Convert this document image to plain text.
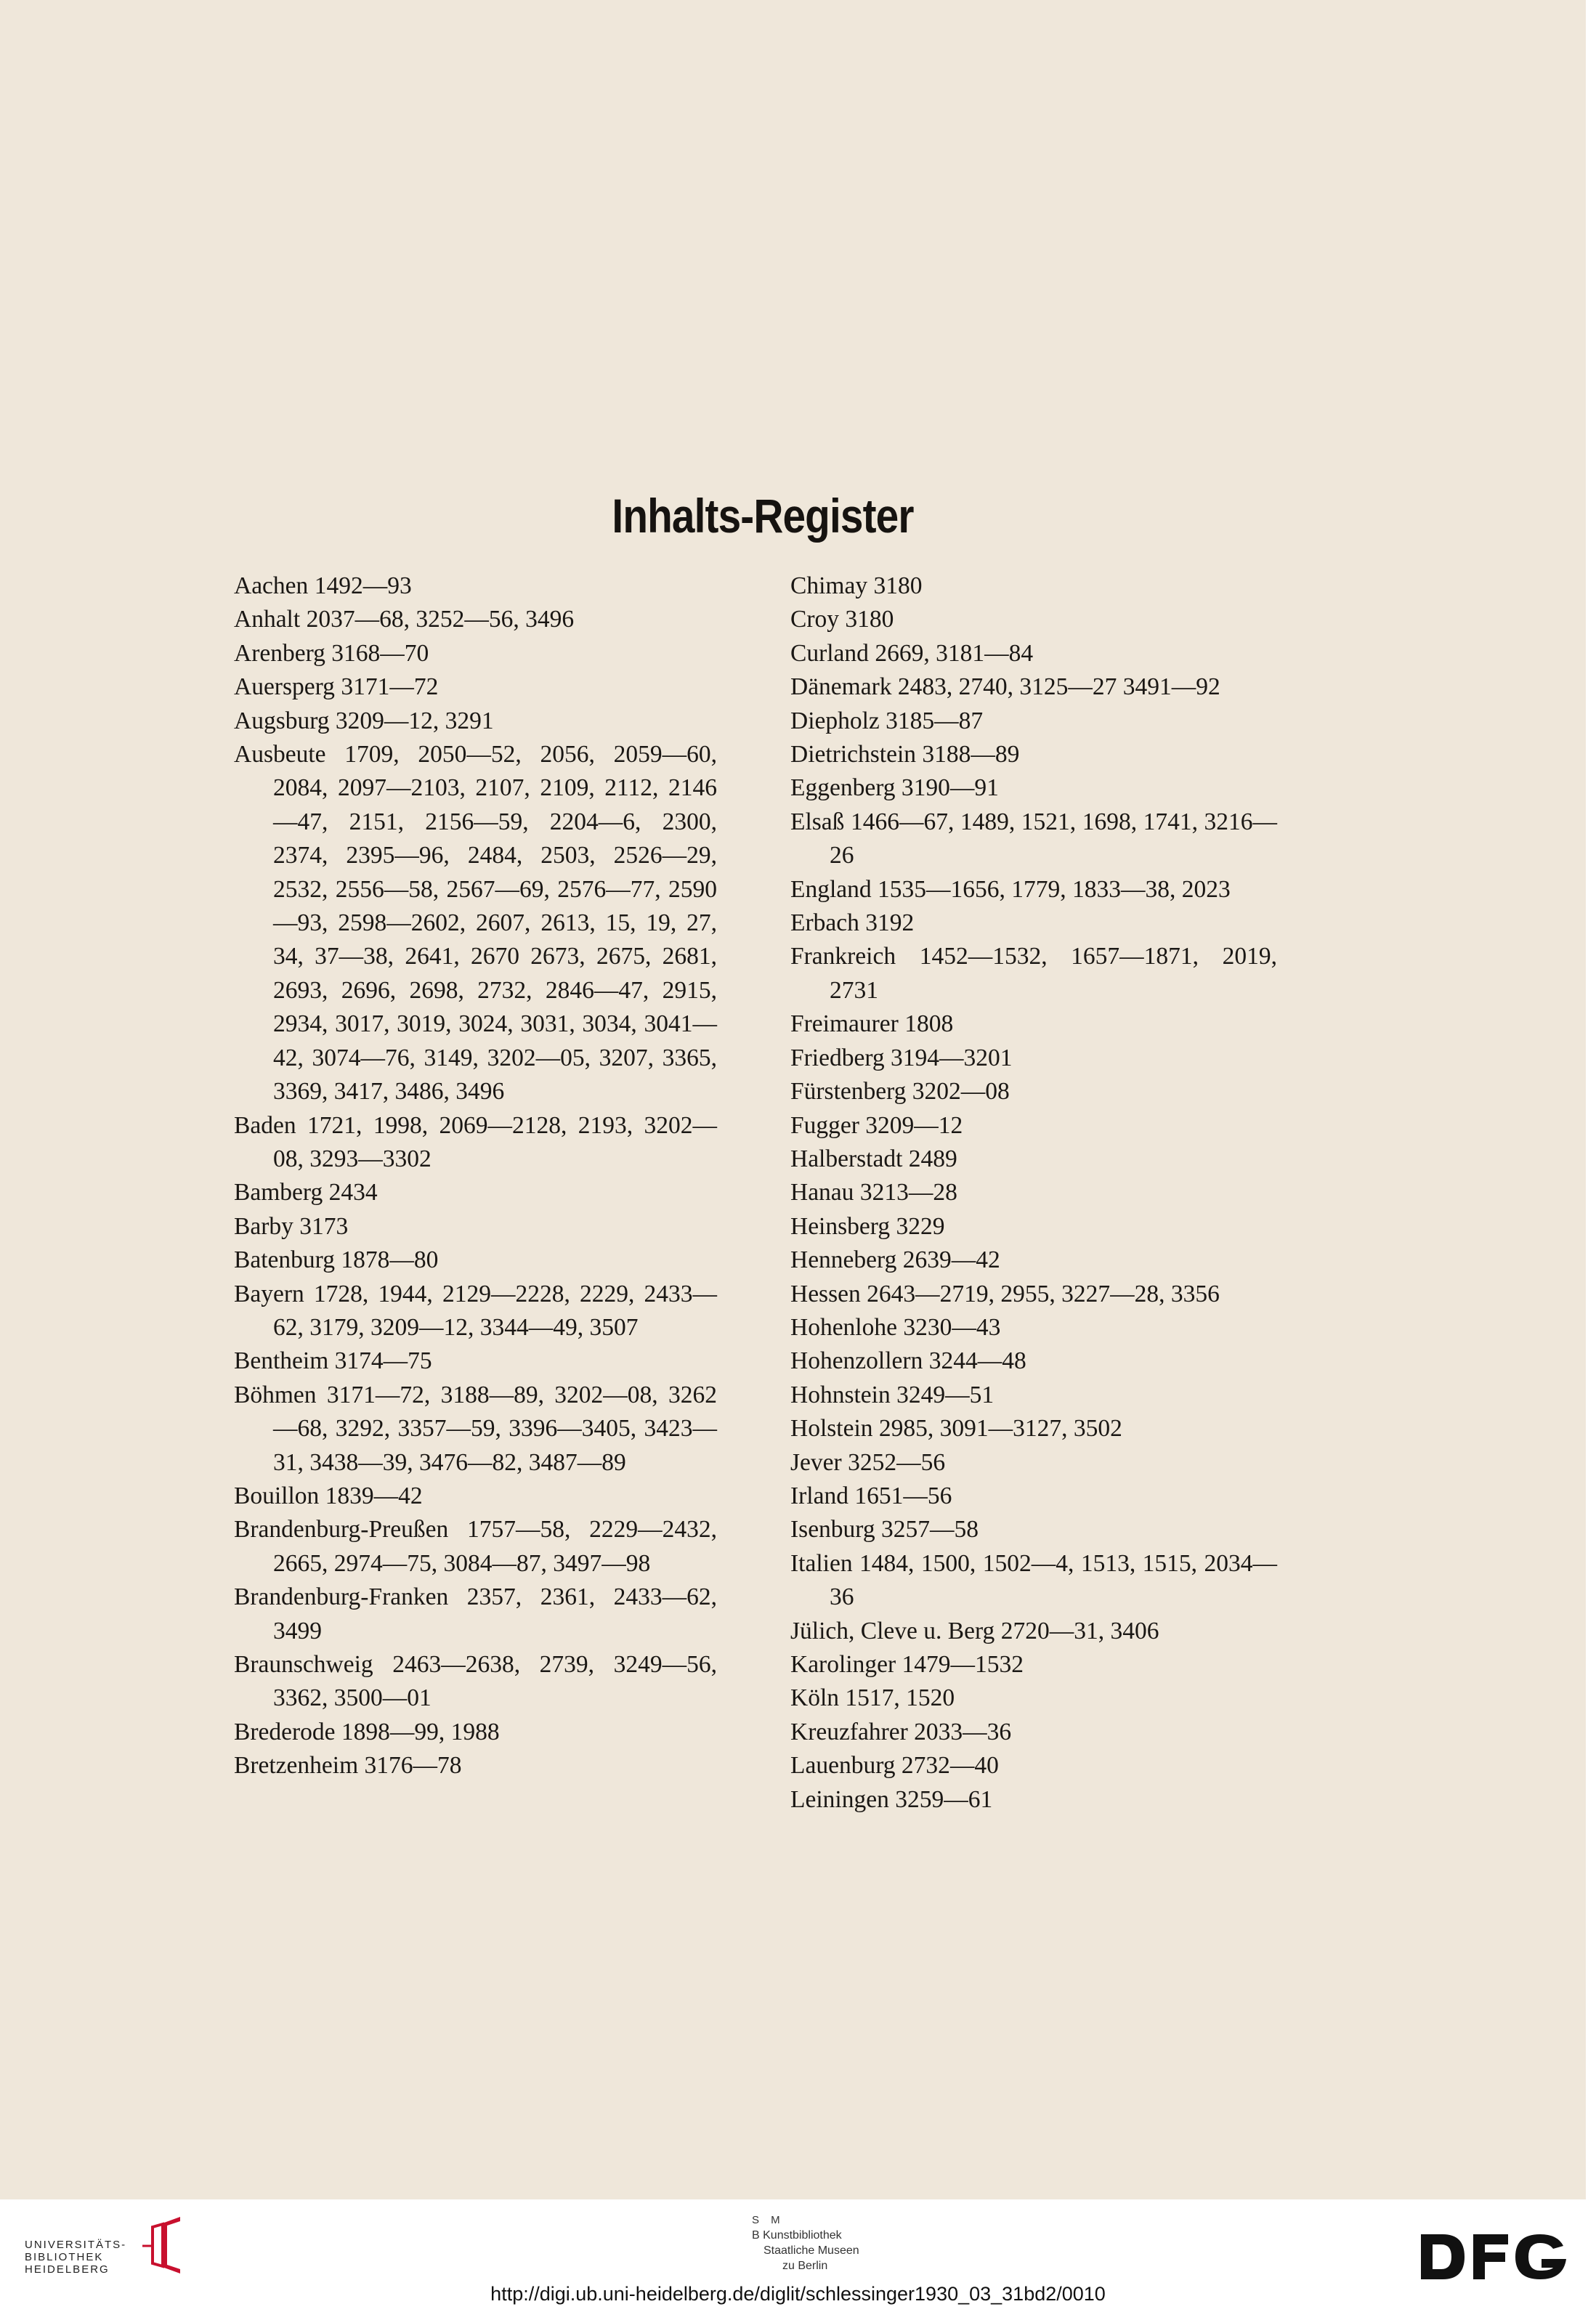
Inhalts-Register
Aachen 1492—93
Anhalt 2037—68, 3252—56, 3496
Arenberg 3168—70
Auersperg 3171—72
Augsburg 3209—12, 3291
Ausbeute 1709, 2050—52, 2056, 2059—60, 2084, 2097—2103, 2107, 2109, 2112, 2146—47, 2151, 2156—59, 2204—6, 2300, 2374, 2395—96, 2484, 2503, 2526—29, 2532, 2556—58, 2567—69, 2576—77, 2590—93, 2598—2602, 2607, 2613, 15, 19, 27, 34, 37—38, 2641, 2670 2673, 2675, 2681, 2693, 2696, 2698, 2732, 2846—47, 2915, 2934, 3017, 3019, 3024, 3031, 3034, 3041—42, 3074—76, 3149, 3202—05, 3207, 3365, 3369, 3417, 3486, 3496
Baden 1721, 1998, 2069—2128, 2193, 3202—08, 3293—3302
Bamberg 2434
Barby 3173
Batenburg 1878—80
Bayern 1728, 1944, 2129—2228, 2229, 2433—62, 3179, 3209—12, 3344—49, 3507
Bentheim 3174—75
Böhmen 3171—72, 3188—89, 3202—08, 3262—68, 3292, 3357—59, 3396—3405, 3423—31, 3438—39, 3476—82, 3487—89
Bouillon 1839—42
Brandenburg-Preußen 1757—58, 2229—2432, 2665, 2974—75, 3084—87, 3497—98
Brandenburg-Franken 2357, 2361, 2433—62, 3499
Braunschweig 2463—2638, 2739, 3249—56, 3362, 3500—01
Brederode 1898—99, 1988
Bretzenheim 3176—78
Chimay 3180
Croy 3180
Curland 2669, 3181—84
Dänemark 2483, 2740, 3125—27 3491—92
Diepholz 3185—87
Dietrichstein 3188—89
Eggenberg 3190—91
Elsaß 1466—67, 1489, 1521, 1698, 1741, 3216—26
England 1535—1656, 1779, 1833—38, 2023
Erbach 3192
Frankreich 1452—1532, 1657—1871, 2019, 2731
Freimaurer 1808
Friedberg 3194—3201
Fürstenberg 3202—08
Fugger 3209—12
Halberstadt 2489
Hanau 3213—28
Heinsberg 3229
Henneberg 2639—42
Hessen 2643—2719, 2955, 3227—28, 3356
Hohenlohe 3230—43
Hohenzollern 3244—48
Hohnstein 3249—51
Holstein 2985, 3091—3127, 3502
Jever 3252—56
Irland 1651—56
Isenburg 3257—58
Italien 1484, 1500, 1502—4, 1513, 1515, 2034—36
Jülich, Cleve u. Berg 2720—31, 3406
Karolinger 1479—1532
Köln 1517, 1520
Kreuzfahrer 2033—36
Lauenburg 2732—40
Leiningen 3259—61
UNIVERSITÄTS-
BIBLIOTHEK
HEIDELBERG
S M
B Kunstbibliothek
Staatliche Museen
zu Berlin
http://digi.ub.uni-heidelberg.de/diglit/schlessinger1930_03_31bd2/0010
